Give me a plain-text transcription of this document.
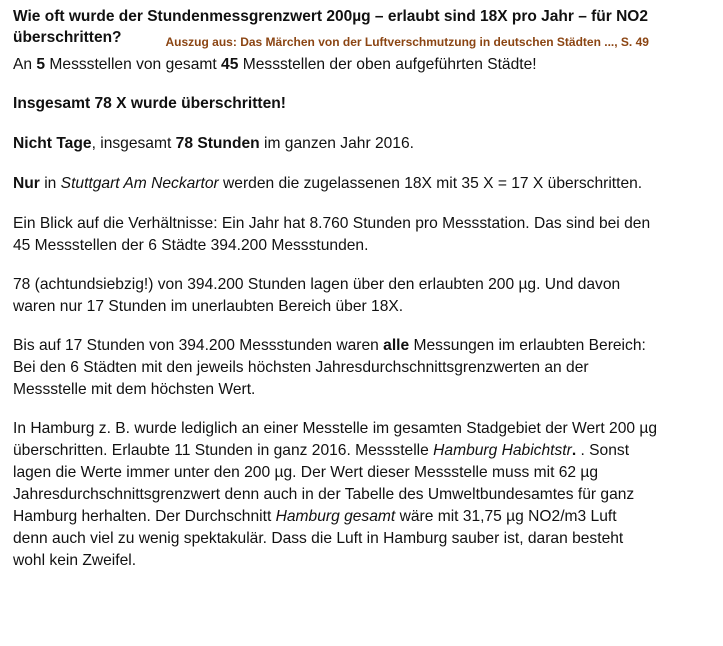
Wie oft wurde der Stundenmessgrenzwert 200µg – erlaubt sind 18X pro Jahr – für NO2

überschritten?	Auszug aus: Das Märchen von der Luftverschmutzung in deutschen Städten ..., S. 49

An 5 Messstellen von gesamt 45 Messstellen der oben aufgeführten Städte!

Insgesamt 78 X wurde überschritten!

Nicht Tage, insgesamt 78 Stunden im ganzen Jahr 2016.

Nur in Stuttgart Am Neckartor werden die zugelassenen 18X mit 35 X = 17 X überschritten.

Ein Blick auf die Verhältnisse: Ein Jahr hat 8.760 Stunden pro Messstation. Das sind bei den
45 Messstellen der 6 Städte 394.200 Messstunden.

78 (achtundsiebzig!) von 394.200 Stunden lagen über den erlaubten 200 µg. Und davon
waren nur 17 Stunden im unerlaubten Bereich über 18X.

Bis auf 17 Stunden von 394.200 Messstunden waren alle Messungen im erlaubten Bereich:
Bei den 6 Städten mit den jeweils höchsten Jahresdurchschnittsgrenzwerten an der
Messstelle mit dem höchsten Wert.

In Hamburg z. B. wurde lediglich an einer Messtelle im gesamten Stadgebiet der Wert 200 µg
überschritten. Erlaubte 11 Stunden in ganz 2016. Messstelle Hamburg Habichtstr. . Sonst
lagen die Werte immer unter den 200 µg. Der Wert dieser Messstelle muss mit 62 µg
Jahresdurchschnittsgrenzwert denn auch in der Tabelle des Umweltbundesamtes für ganz
Hamburg herhalten. Der Durchschnitt Hamburg gesamt wäre mit 31,75 µg NO2/m3 Luft
denn auch viel zu wenig spektakulär. Dass die Luft in Hamburg sauber ist, daran besteht
wohl kein Zweifel.
